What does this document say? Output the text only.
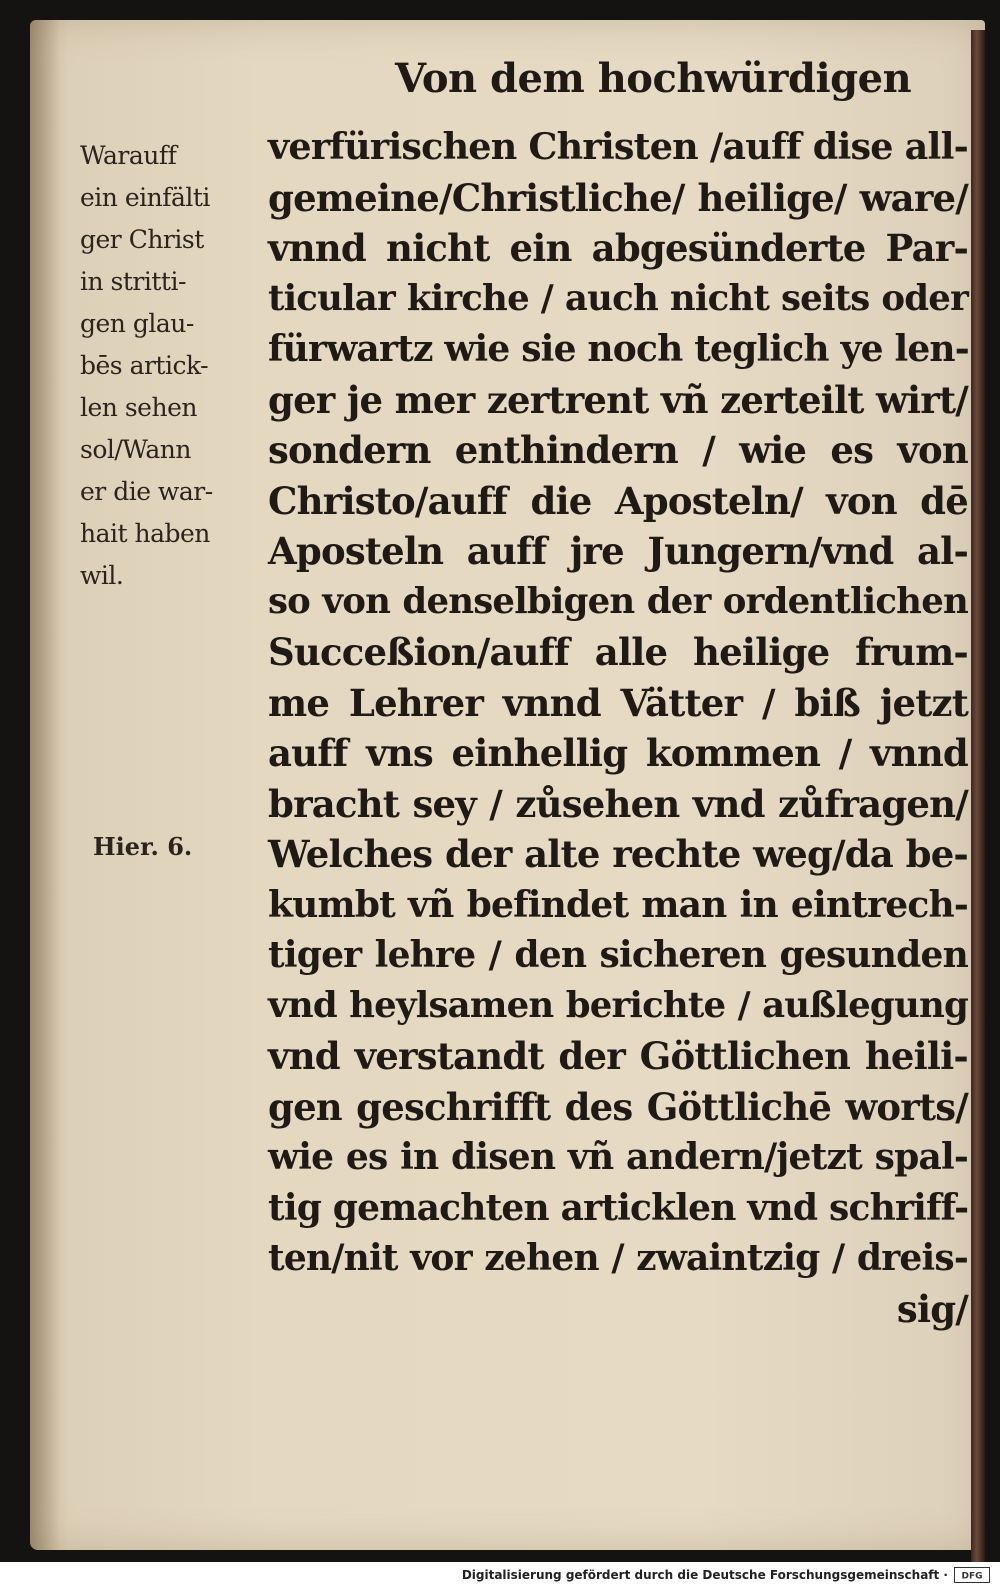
Von dem hochwürdigen
Warauff
ein einfälti
ger Christ
in stritti-
gen glau-
bēs artick-
len sehen
sol/Wann
er die war-
hait haben
wil.
Hier. 6.
verfürischen Christen /auff dise all-
gemeine/Christliche/ heilige/ ware/
vnnd nicht ein abgesünderte Par-
ticular kirche / auch nicht seits oder
fürwartz wie sie noch teglich ye len-
ger je mer zertrent vñ zerteilt wirt/
sondern enthindern / wie es von
Christo/auff die Aposteln/ von dē
Aposteln auff jre Jungern/vnd al-
so von denselbigen der ordentlichen
Succeßion/auff alle heilige frum-
me Lehrer vnnd Vätter / biß jetzt
auff vns einhellig kommen / vnnd
bracht sey / zůsehen vnd zůfragen/
Welches der alte rechte weg/da be-
kumbt vñ befindet man in eintrech-
tiger lehre / den sicheren gesunden
vnd heylsamen berichte / außlegung
vnd verstandt der Göttlichen heili-
gen geschrifft des Göttlichē worts/
wie es in disen vñ andern/jetzt spal-
tig gemachten articklen vnd schriff-
ten/nit vor zehen / zwaintzig / dreis-
sig/
Digitalisierung gefördert durch die Deutsche Forschungsgemeinschaft · DFG
